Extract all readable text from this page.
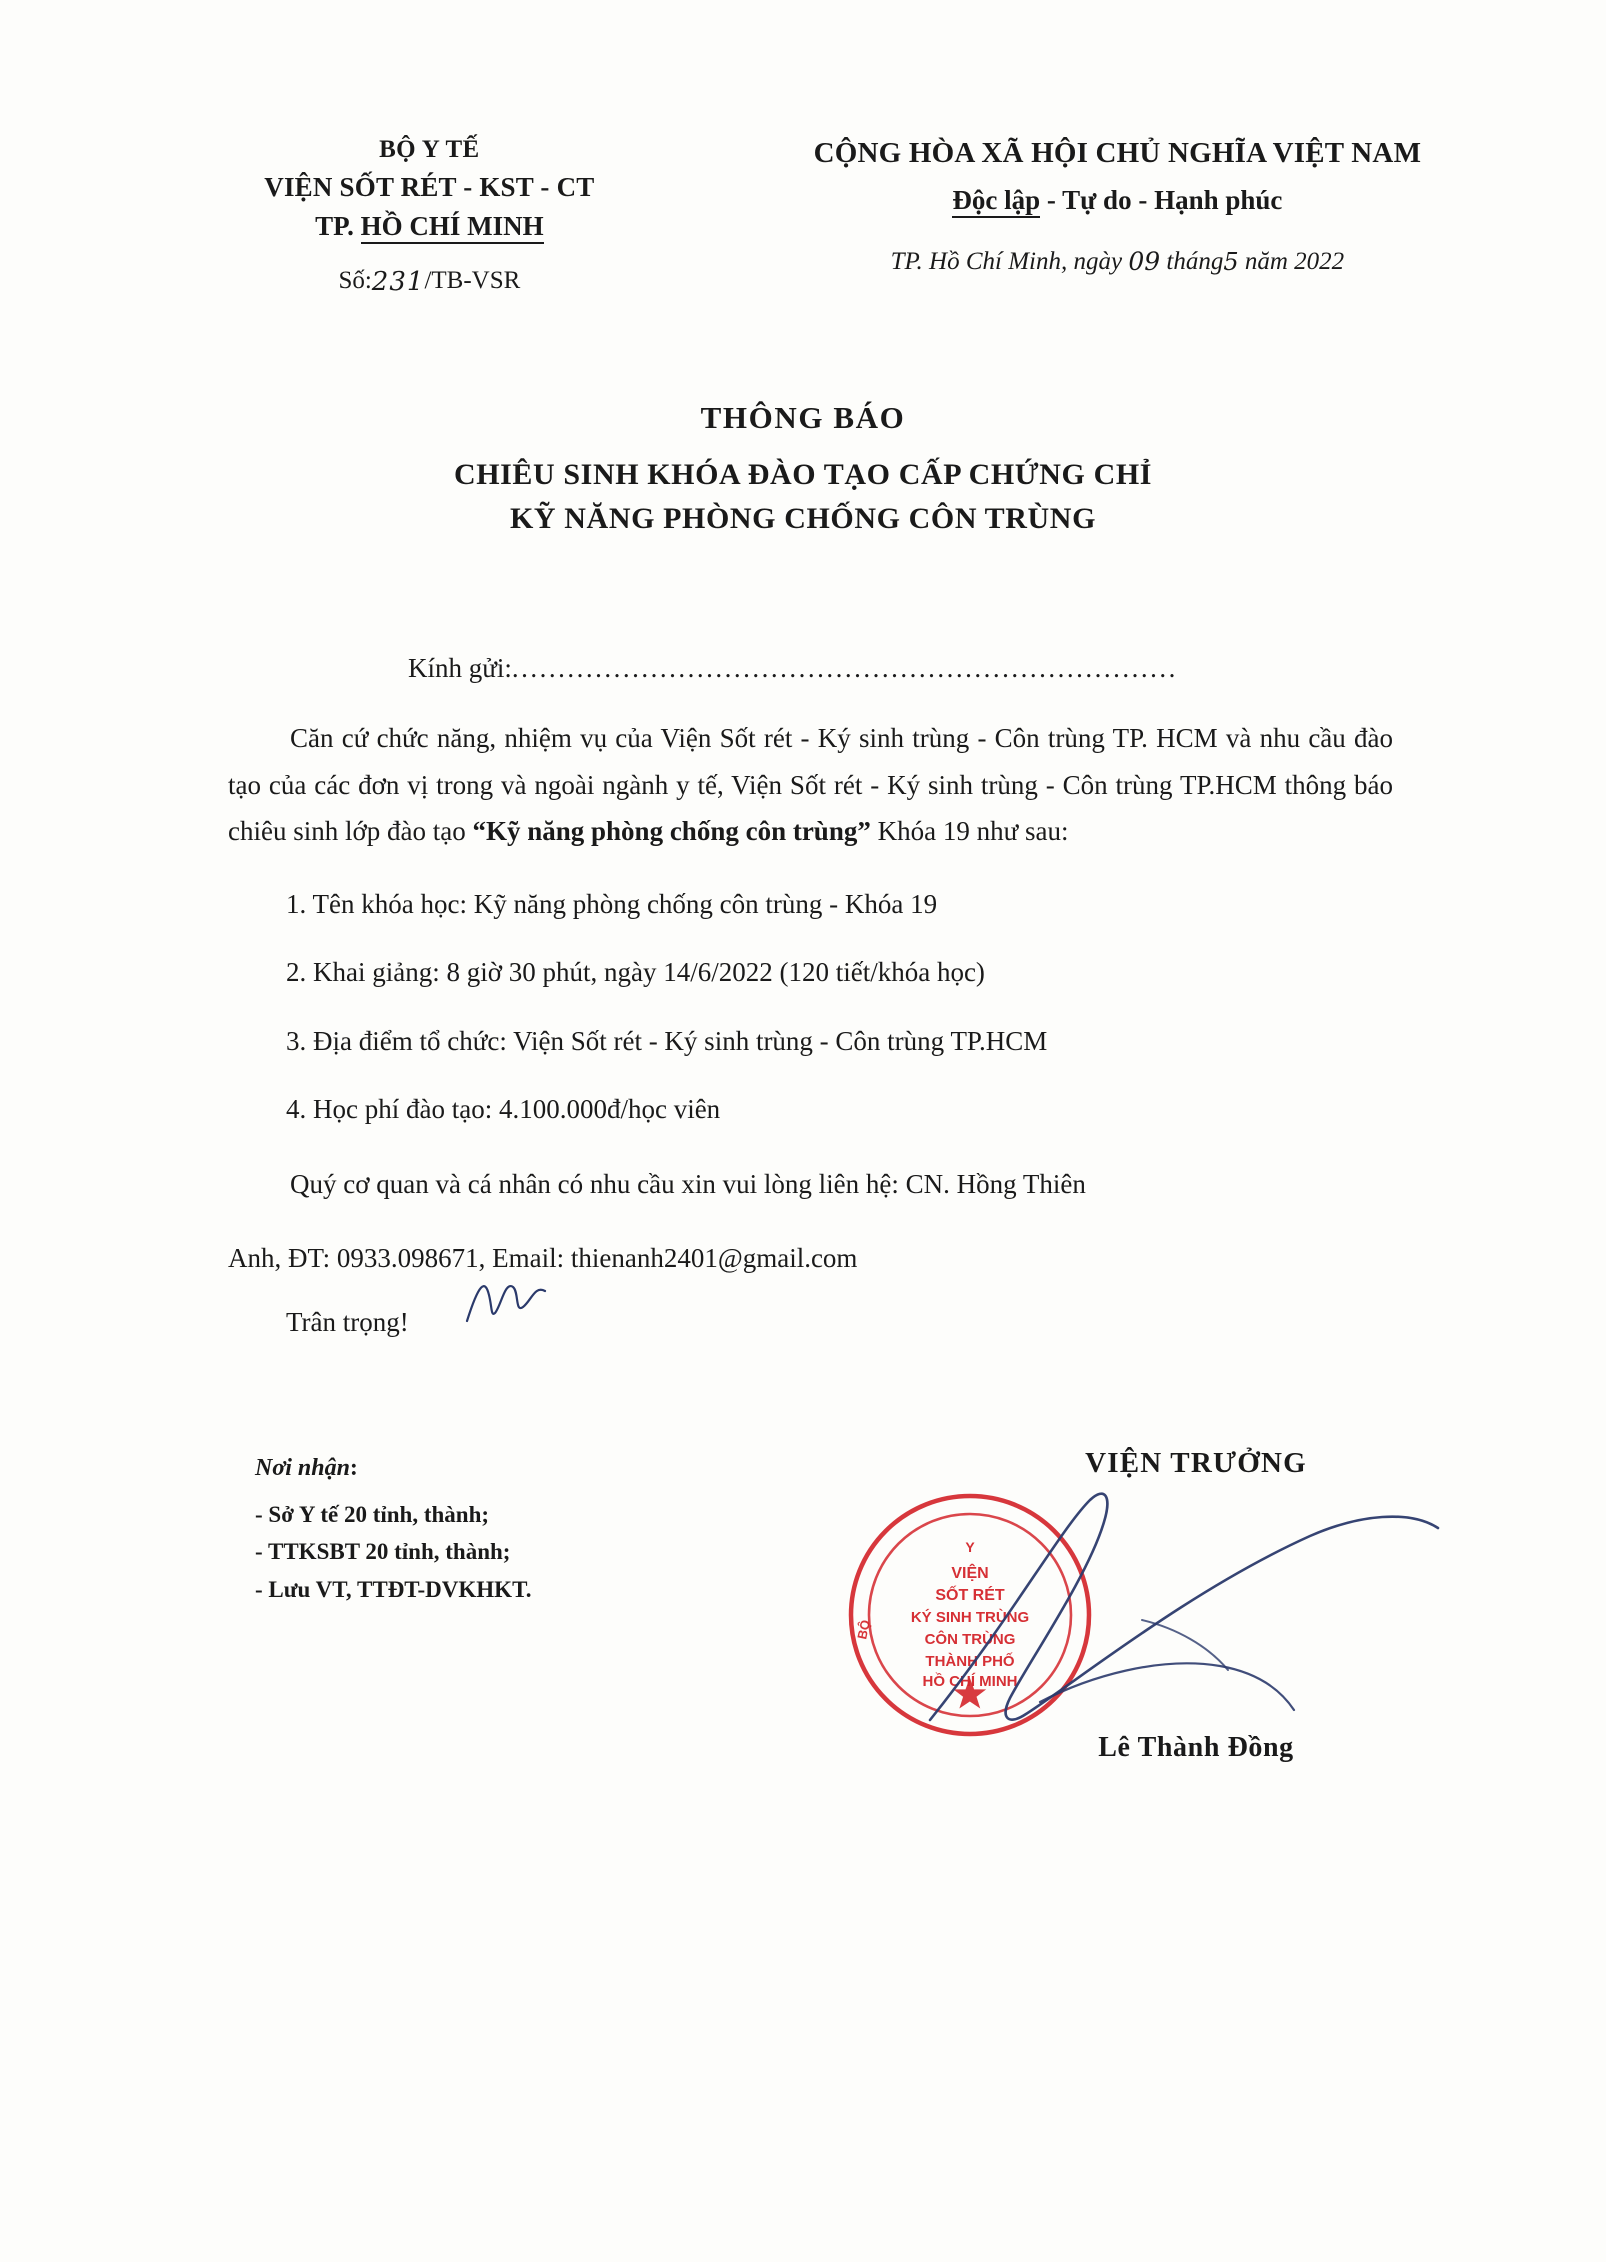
BỘ Y TẾ
VIỆN SỐT RÉT - KST - CT
TP. HỒ CHÍ MINH
Số:231/TB-VSR
CỘNG HÒA XÃ HỘI CHỦ NGHĨA VIỆT NAM
Độc lập - Tự do - Hạnh phúc
TP. Hồ Chí Minh, ngày 09 tháng5 năm 2022
THÔNG BÁO
CHIÊU SINH KHÓA ĐÀO TẠO CẤP CHỨNG CHỈ
KỸ NĂNG PHÒNG CHỐNG CÔN TRÙNG
Kính gửi:........................................................................
Căn cứ chức năng, nhiệm vụ của Viện Sốt rét - Ký sinh trùng - Côn trùng TP. HCM và nhu cầu đào tạo của các đơn vị trong và ngoài ngành y tế, Viện Sốt rét - Ký sinh trùng - Côn trùng TP.HCM thông báo chiêu sinh lớp đào tạo “Kỹ năng phòng chống côn trùng” Khóa 19 như sau:
1. Tên khóa học: Kỹ năng phòng chống côn trùng - Khóa 19
2. Khai giảng: 8 giờ 30 phút, ngày 14/6/2022 (120 tiết/khóa học)
3. Địa điểm tổ chức: Viện Sốt rét - Ký sinh trùng - Côn trùng TP.HCM
4. Học phí đào tạo: 4.100.000đ/học viên
Quý cơ quan và cá nhân có nhu cầu xin vui lòng liên hệ: CN. Hồng Thiên
Anh, ĐT: 0933.098671, Email: thienanh2401@gmail.com
Trân trọng!
Nơi nhận:
- Sở Y tế 20 tỉnh, thành;
- TTKSBT 20 tỉnh, thành;
- Lưu VT, TTĐT-DVKHKT.
VIỆN TRƯỞNG
Lê Thành Đồng
BỘ
Y
VIỆN
SỐT RÉT
KÝ SINH TRÙNG
CÔN TRÙNG
THÀNH PHỐ
HỒ CHÍ MINH
